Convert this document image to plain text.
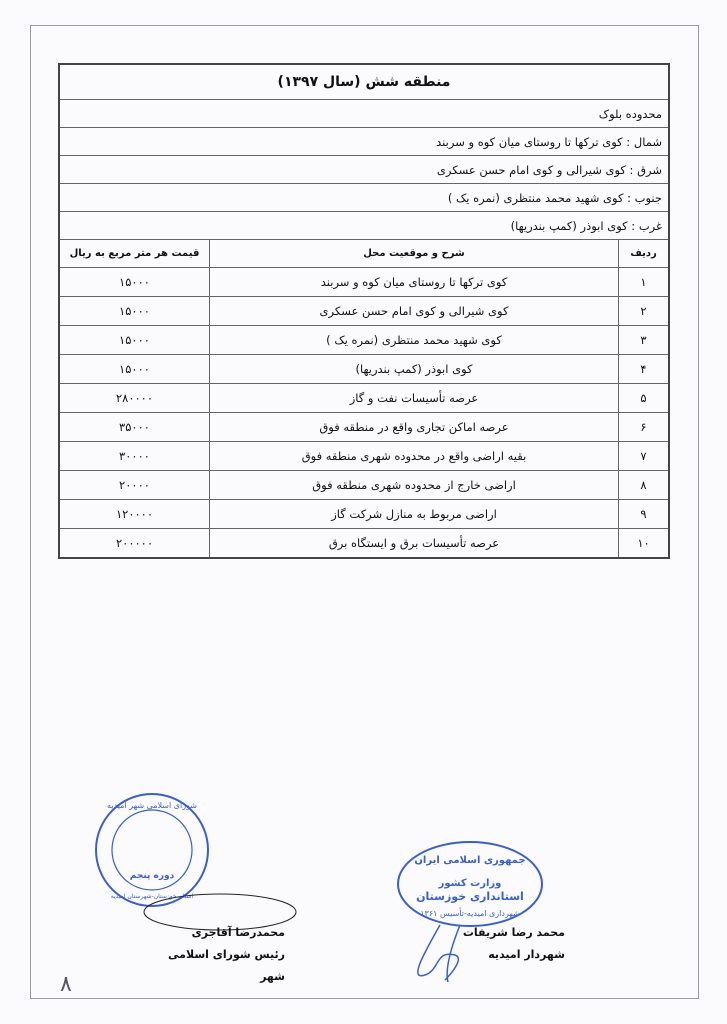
منطقه شش (سال ۱۳۹۷)		
محدوده بلوک		
شمال : کوی ترکها تا روستای میان کوه و سربند		
شرق : کوی شیرالی و کوی امام حسن عسکری		
جنوب : کوی شهید محمد منتظری (نمره یک )		
غرب : کوی ابوذر (کمپ بندریها)		
ردیف	شرح و موقعیت محل	قیمت هر متر مربع به ریال
۱	کوی ترکها تا روستای میان کوه و سربند	۱۵۰۰۰
۲	کوی شیرالی و کوی امام حسن عسکری	۱۵۰۰۰
۳	کوی شهید محمد منتظری (نمره یک )	۱۵۰۰۰
۴	کوی ابوذر (کمپ بندریها)	۱۵۰۰۰
۵	عرصه تأسیسات نفت و گاز	۲۸۰۰۰۰
۶	عرصه اماکن تجاری واقع در منطقه فوق	۳۵۰۰۰
۷	بقیه اراضی واقع در محدوده شهری منطقه فوق	۳۰۰۰۰
۸	اراضی خارج از محدوده شهری منطقه فوق	۲۰۰۰۰
۹	اراضی مربوط به منازل شرکت گاز	۱۲۰۰۰۰
۱۰	عرصه تأسیسات برق و ایستگاه برق	۲۰۰۰۰۰
جمهوری اسلامی ایران
وزارت کشور
استانداری خوزستان
شهرداری امیدیه-تأسیس ۱۳۶۱
محمد رضا شریفات
شهردار امیدیه
شورای اسلامی شهر امیدیه
دوره پنجم
استان خوزستان-شهرستان امیدیه
محمدرضا آقاجری
رئیس شورای اسلامی شهر
۸
